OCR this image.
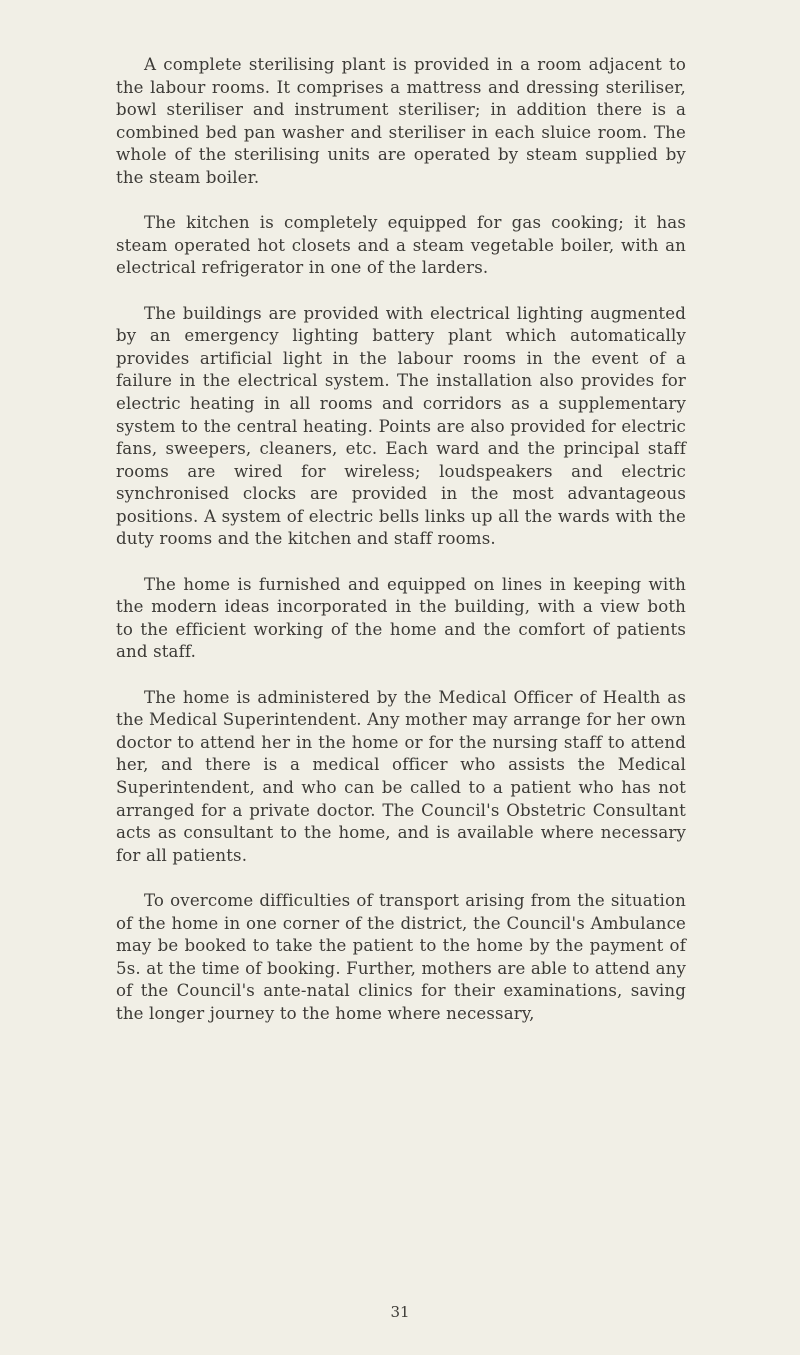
A complete sterilising plant is provided in a room adjacent to the labour rooms. It comprises a mattress and dressing steriliser, bowl steriliser and instrument steriliser; in addition there is a combined bed pan washer and steriliser in each sluice room. The whole of the sterilising units are operated by steam supplied by the steam boiler.

The kitchen is completely equipped for gas cooking; it has steam operated hot closets and a steam vegetable boiler, with an electrical refrigerator in one of the larders.

The buildings are provided with electrical lighting augmented by an emergency lighting battery plant which automatically provides artificial light in the labour rooms in the event of a failure in the electrical system. The installation also provides for electric heating in all rooms and corridors as a supplementary system to the central heating. Points are also provided for electric fans, sweepers, cleaners, etc. Each ward and the principal staff rooms are wired for wireless; loudspeakers and electric synchronised clocks are provided in the most advantageous positions. A system of electric bells links up all the wards with the duty rooms and the kitchen and staff rooms.

The home is furnished and equipped on lines in keeping with the modern ideas incorporated in the building, with a view both to the efficient working of the home and the comfort of patients and staff.

The home is administered by the Medical Officer of Health as the Medical Superintendent. Any mother may arrange for her own doctor to attend her in the home or for the nursing staff to attend her, and there is a medical officer who assists the Medical Superintendent, and who can be called to a patient who has not arranged for a private doctor. The Council's Obstetric Consultant acts as consultant to the home, and is available where necessary for all patients.

To overcome difficulties of transport arising from the situation of the home in one corner of the district, the Council's Ambulance may be booked to take the patient to the home by the payment of 5s. at the time of booking. Further, mothers are able to attend any of the Council's ante-natal clinics for their examinations, saving the longer journey to the home where necessary,

31
